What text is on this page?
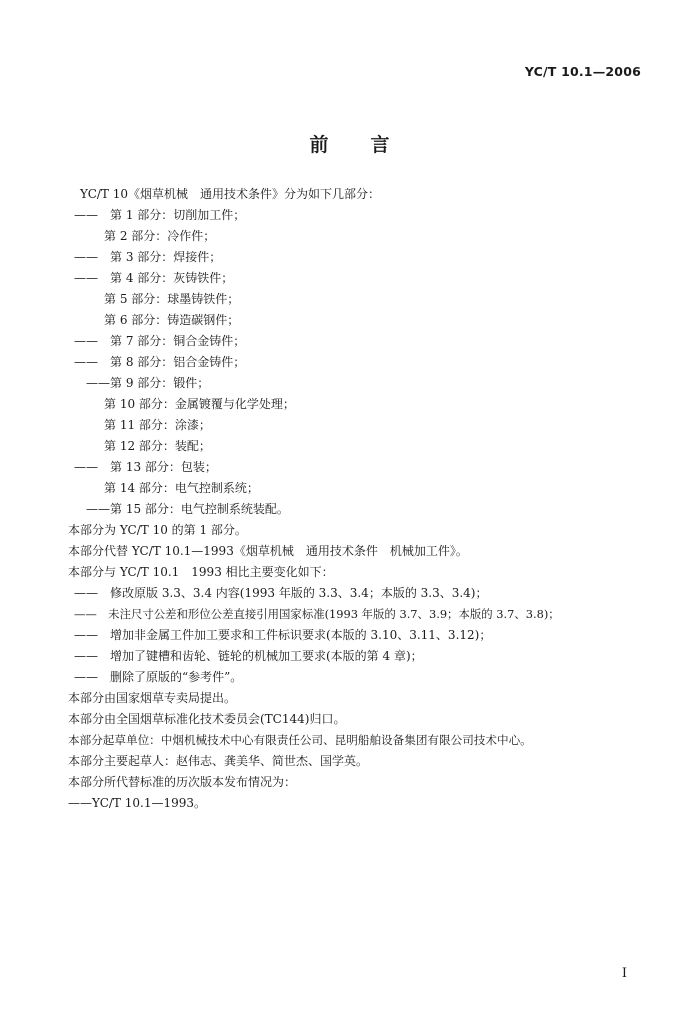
YC/T 10.1—2006
前 言
YC/T 10《烟草机械　通用技术条件》分为如下几部分：
——　第 1 部分：切削加工件；
第 2 部分：冷作件；
——　第 3 部分：焊接件；
——　第 4 部分：灰铸铁件；
第 5 部分：球墨铸铁件；
第 6 部分：铸造碳钢件；
——　第 7 部分：铜合金铸件；
——　第 8 部分：铝合金铸件；
——第 9 部分：锻件；
第 10 部分：金属镀覆与化学处理；
第 11 部分：涂漆；
第 12 部分：装配；
——　第 13 部分：包装；
第 14 部分：电气控制系统；
——第 15 部分：电气控制系统装配。
本部分为 YC/T 10 的第 1 部分。
本部分代替 YC/T 10.1—1993《烟草机械　通用技术条件　机械加工件》。
本部分与 YC/T 10.1　1993 相比主要变化如下：
——　修改原版 3.3、3.4 内容(1993 年版的 3.3、3.4；本版的 3.3、3.4)；
——　未注尺寸公差和形位公差直接引用国家标准(1993 年版的 3.7、3.9；本版的 3.7、3.8)；
——　增加非金属工件加工要求和工件标识要求(本版的 3.10、3.11、3.12)；
——　增加了键槽和齿轮、链轮的机械加工要求(本版的第 4 章)；
——　删除了原版的“参考件”。
本部分由国家烟草专卖局提出。
本部分由全国烟草标准化技术委员会(TC144)归口。
本部分起草单位：中烟机械技术中心有限责任公司、昆明船舶设备集团有限公司技术中心。
本部分主要起草人：赵伟志、龚美华、简世杰、国学英。
本部分所代替标准的历次版本发布情况为：
——YC/T 10.1—1993。
I
